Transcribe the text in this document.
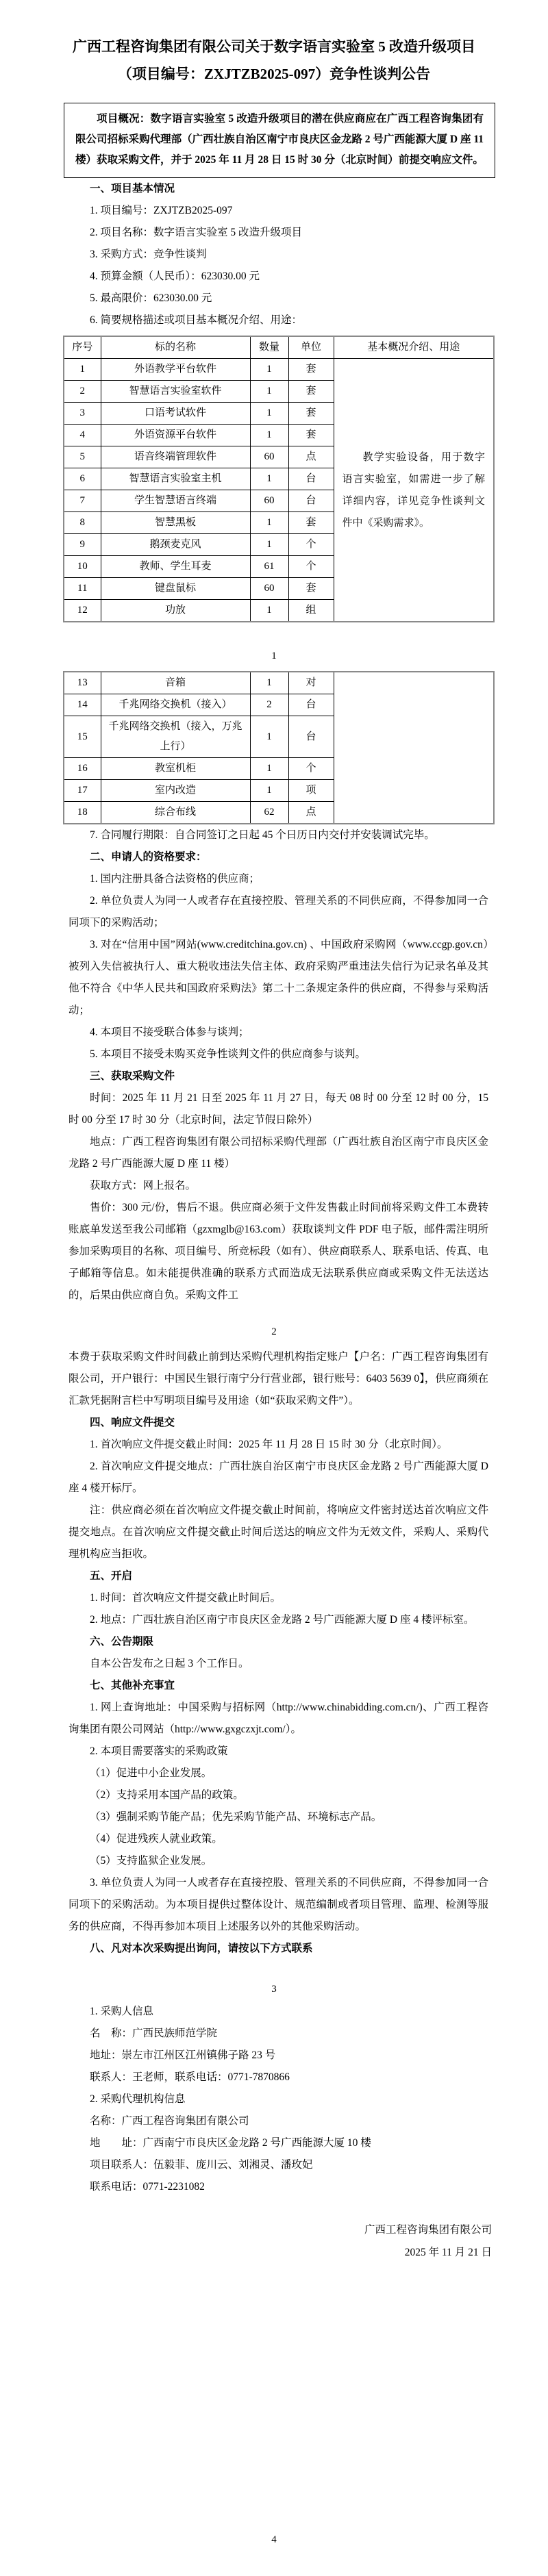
广西工程咨询集团有限公司关于数字语言实验室 5 改造升级项目
（项目编号：ZXJTZB2025-097）竞争性谈判公告

项目概况：数字语言实验室 5 改造升级项目的潜在供应商应在广西工程咨询集团有限公司招标采购代理部（广西壮族自治区南宁市良庆区金龙路 2 号广西能源大厦 D 座 11 楼）获取采购文件，并于 2025 年 11 月 28 日 15 时 30 分（北京时间）前提交响应文件。

一、项目基本情况

1. 项目编号：ZXJTZB2025-097

2. 项目名称：数字语言实验室 5 改造升级项目

3. 采购方式：竞争性谈判

4. 预算金额（人民币）：623030.00 元

5. 最高限价：623030.00 元

6. 简要规格描述或项目基本概况介绍、用途：

序号	标的名称	数量	单位	基本概况介绍、用途
1	外语教学平台软件	1	套	教学实验设备，用于数字语言实验室，如需进一步了解详细内容，详见竞争性谈判文件中《采购需求》。
2	智慧语言实验室软件	1	套	
3	口语考试软件	1	套	
4	外语资源平台软件	1	套	
5	语音终端管理软件	60	点	
6	智慧语言实验室主机	1	台	
7	学生智慧语言终端	60	台	
8	智慧黑板	1	套	
9	鹅颈麦克风	1	个	
10	教师、学生耳麦	61	个	
11	键盘鼠标	60	套	
12	功放	1	组	

1

13	音箱	1	对	
14	千兆网络交换机（接入）	2	台	
15	千兆网络交换机（接入，万兆上行）	1	台	
16	教室机柜	1	个	
17	室内改造	1	项	
18	综合布线	62	点	

7. 合同履行期限：自合同签订之日起 45 个日历日内交付并安装调试完毕。

二、申请人的资格要求：

1. 国内注册具备合法资格的供应商；

2. 单位负责人为同一人或者存在直接控股、管理关系的不同供应商，不得参加同一合同项下的采购活动；

3. 对在“信用中国”网站(www.creditchina.gov.cn) 、中国政府采购网（www.ccgp.gov.cn）被列入失信被执行人、重大税收违法失信主体、政府采购严重违法失信行为记录名单及其他不符合《中华人民共和国政府采购法》第二十二条规定条件的供应商，不得参与采购活动；

4. 本项目不接受联合体参与谈判；

5. 本项目不接受未购买竞争性谈判文件的供应商参与谈判。

三、获取采购文件

时间：2025 年 11 月 21 日至 2025 年 11 月 27 日，每天 08 时 00 分至 12 时 00 分，15 时 00 分至 17 时 30 分（北京时间，法定节假日除外）

地点：广西工程咨询集团有限公司招标采购代理部（广西壮族自治区南宁市良庆区金龙路 2 号广西能源大厦 D 座 11 楼）

获取方式：网上报名。

售价：300 元/份，售后不退。供应商必须于文件发售截止时间前将采购文件工本费转账底单发送至我公司邮箱（gzxmglb@163.com）获取谈判文件 PDF 电子版，邮件需注明所参加采购项目的名称、项目编号、所竞标段（如有）、供应商联系人、联系电话、传真、电子邮箱等信息。如未能提供准确的联系方式而造成无法联系供应商或采购文件无法送达的，后果由供应商自负。采购文件工

2

本费于获取采购文件时间截止前到达采购代理机构指定账户【户名：广西工程咨询集团有限公司，开户银行：中国民生银行南宁分行营业部，银行账号：6403 5639 0】，供应商须在汇款凭据附言栏中写明项目编号及用途（如“获取采购文件”）。

四、响应文件提交

1. 首次响应文件提交截止时间：2025 年 11 月 28 日 15 时 30 分（北京时间）。

2. 首次响应文件提交地点：广西壮族自治区南宁市良庆区金龙路 2 号广西能源大厦 D 座 4 楼开标厅。

注：供应商必须在首次响应文件提交截止时间前，将响应文件密封送达首次响应文件提交地点。在首次响应文件提交截止时间后送达的响应文件为无效文件，采购人、采购代理机构应当拒收。

五、开启

1. 时间：首次响应文件提交截止时间后。

2. 地点：广西壮族自治区南宁市良庆区金龙路 2 号广西能源大厦 D 座 4 楼评标室。

六、公告期限

自本公告发布之日起 3 个工作日。

七、其他补充事宜

1. 网上查询地址：中国采购与招标网（http://www.chinabidding.com.cn/)、广西工程咨询集团有限公司网站（http://www.gxgczxjt.com/）。

2. 本项目需要落实的采购政策

（1）促进中小企业发展。

（2）支持采用本国产品的政策。

（3）强制采购节能产品；优先采购节能产品、环境标志产品。

（4）促进残疾人就业政策。

（5）支持监狱企业发展。

3. 单位负责人为同一人或者存在直接控股、管理关系的不同供应商，不得参加同一合同项下的采购活动。为本项目提供过整体设计、规范编制或者项目管理、监理、检测等服务的供应商，不得再参加本项目上述服务以外的其他采购活动。

八、凡对本次采购提出询问，请按以下方式联系

3

1. 采购人信息

名　称：广西民族师范学院

地址：崇左市江州区江州镇佛子路 23 号

联系人：王老师，联系电话：0771-7870866

2. 采购代理机构信息

名称：广西工程咨询集团有限公司

地　　址：广西南宁市良庆区金龙路 2 号广西能源大厦 10 楼

项目联系人：伍毅菲、庞川云、刘湘灵、潘玫妃

联系电话：0771-2231082

广西工程咨询集团有限公司

2025 年 11 月 21 日

4
